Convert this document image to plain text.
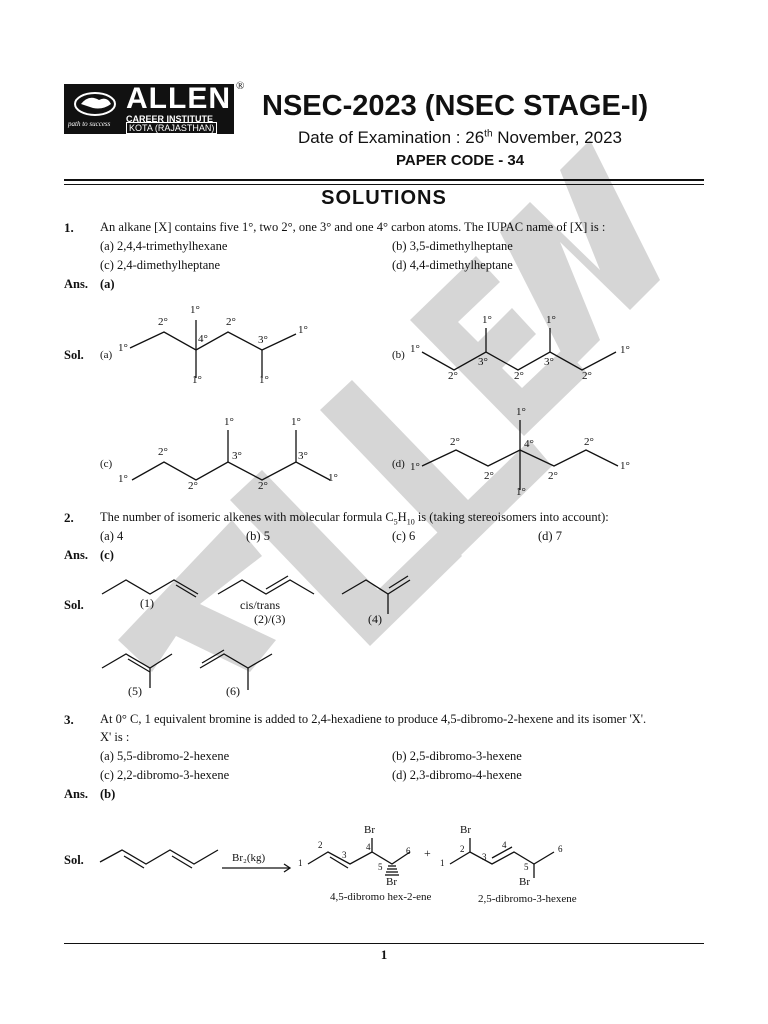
path to success
ALLEN
CAREER INSTITUTE
KOTA (RAJASTHAN)
®
NSEC-2023 (NSEC STAGE-I)
Date of Examination : 26th November, 2023
PAPER CODE - 34
SOLUTIONS
1. An alkane [X] contains five 1°, two 2°, one 3° and one 4° carbon atoms. The IUPAC name of [X] is :
(a) 2,4,4-trimethylhexane	(b) 3,5-dimethylheptane
(c) 2,4-dimethylheptane	(d) 4,4-dimethylheptane
Ans. (a)
Sol. (a)	(b)
(c)	(d)
1°
2°
1°
4°
2°
3°
1°
1°	1°
1°
1°	1°
2°
3°
2°
3°
2°
1°
1°
2°
2°
1°
3°
2°
1°
3°
1°
1°
2°
2°
1°
4°
2°
2°
1°
1°
2. The number of isomeric alkenes with molecular formula $C_5H_{10}$ is (taking stereoisomers into account):
(a) 4	(b) 5	(c) 6	(d) 7
Ans. (c)
Sol.	(1)	cis/trans
(2)/(3)	(4)
(5)	(6)
3. At 0° C, 1 equivalent bromine is added to 2,4-hexadiene to produce 4,5-dibromo-2-hexene and its isomer 'X'.
X' is :
(a) 5,5-dibromo-2-hexene	(b) 2,5-dibromo-3-hexene
(c) 2,2-dibromo-3-hexene	(d) 2,3-dibromo-4-hexene
Ans. (b)
Sol.	Br₂(kg)	1
2
3
4
5
6
Br
Br
+
1
2
3
4
5
6
Br
Br
4,5-dibromo hex-2-ene	2,5-dibromo-3-hexene
1
